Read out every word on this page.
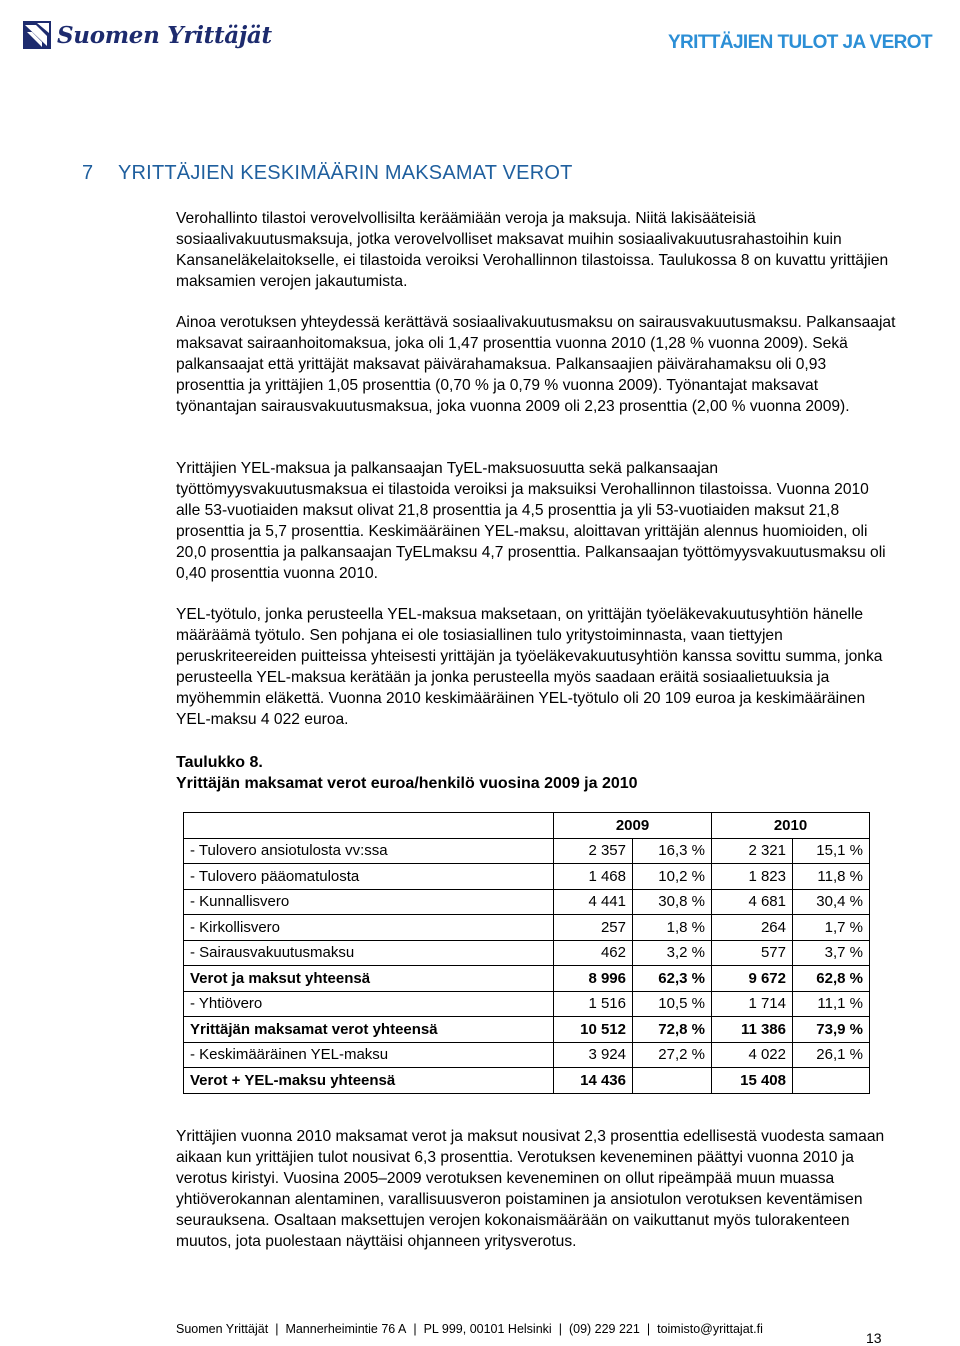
Suomen Yrittäjät	YRITTÄJIEN TULOT JA VEROT
7 YRITTÄJIEN KESKIMÄÄRIN MAKSAMAT VEROT

Verohallinto tilastoi verovelvollisilta keräämiään veroja ja maksuja. Niitä lakisääteisiä sosiaalivakuutusmaksuja, jotka verovelvolliset maksavat muihin sosiaalivakuutusrahastoihin kuin Kansaneläkelaitokselle, ei tilastoida veroiksi Verohallinnon tilastoissa. Taulukossa 8 on kuvattu yrittäjien maksamien verojen jakautumista.

Ainoa verotuksen yhteydessä kerättävä sosiaalivakuutusmaksu on sairausvakuutusmaksu. Palkansaajat maksavat sairaanhoitomaksua, joka oli 1,47 prosenttia vuonna 2010 (1,28 % vuonna 2009). Sekä palkansaajat että yrittäjät maksavat päivärahamaksua. Palkansaajien päivärahamaksu oli 0,93 prosenttia ja yrittäjien 1,05 prosenttia (0,70 % ja 0,79 % vuonna 2009). Työnantajat maksavat työnantajan sairausvakuutusmaksua, joka vuonna 2009 oli 2,23 prosenttia (2,00 % vuonna 2009).

Yrittäjien YEL-maksua ja palkansaajan TyEL-maksuosuutta sekä palkansaajan työttömyysvakuutusmaksua ei tilastoida veroiksi ja maksuiksi Verohallinnon tilastoissa. Vuonna 2010 alle 53-vuotiaiden maksut olivat 21,8 prosenttia ja 4,5 prosenttia ja yli 53-vuotiaiden maksut 21,8 prosenttia ja 5,7 prosenttia. Keskimääräinen YEL-maksu, aloittavan yrittäjän alennus huomioiden, oli 20,0 prosenttia ja palkansaajan TyELmaksu 4,7 prosenttia. Palkansaajan työttömyysvakuutusmaksu oli 0,40 prosenttia vuonna 2010.

YEL-työtulo, jonka perusteella YEL-maksua maksetaan, on yrittäjän työeläkevakuutusyhtiön hänelle määräämä työtulo. Sen pohjana ei ole tosiasiallinen tulo yritystoiminnasta, vaan tiettyjen peruskriteereiden puitteissa yhteisesti yrittäjän ja työeläkevakuutusyhtiön kanssa sovittu summa, jonka perusteella YEL-maksua kerätään ja jonka perusteella myös saadaan eräitä sosiaalietuuksia ja myöhemmin eläkettä. Vuonna 2010 keskimääräinen YEL-työtulo oli 20 109 euroa ja keskimääräinen YEL-maksu 4 022 euroa.

Taulukko 8.
Yrittäjän maksamat verot euroa/henkilö vuosina 2009 ja 2010
	2009		2010	
- Tulovero ansiotulosta vv:ssa	2 357	16,3 %	2 321	15,1 %
- Tulovero pääomatulosta	1 468	10,2 %	1 823	11,8 %
- Kunnallisvero	4 441	30,8 %	4 681	30,4 %
- Kirkollisvero	257	1,8 %	264	1,7 %
- Sairausvakuutusmaksu	462	3,2 %	577	3,7 %
Verot ja maksut yhteensä	8 996	62,3 %	9 672	62,8 %
- Yhtiövero	1 516	10,5 %	1 714	11,1 %
Yrittäjän maksamat verot yhteensä	10 512	72,8 %	11 386	73,9 %
- Keskimääräinen YEL-maksu	3 924	27,2 %	4 022	26,1 %
Verot + YEL-maksu yhteensä	14 436		15 408	

Yrittäjien vuonna 2010 maksamat verot ja maksut nousivat 2,3 prosenttia edellisestä vuodesta samaan aikaan kun yrittäjien tulot nousivat 6,3 prosenttia. Verotuksen keveneminen päättyi vuonna 2010 ja verotus kiristyi. Vuosina 2005–2009 verotuksen keveneminen on ollut ripeämpää muun muassa yhtiöverokannan alentaminen, varallisuusveron poistaminen ja ansiotulon verotuksen keventämisen seurauksena. Osaltaan maksettujen verojen kokonaismäärään on vaikuttanut myös tulorakenteen muutos, jota puolestaan näyttäisi ohjanneen yritysverotus.

Suomen Yrittäjät | Mannerheimintie 76 A | PL 999, 00101 Helsinki | (09) 229 221 | toimisto@yrittajat.fi
13
